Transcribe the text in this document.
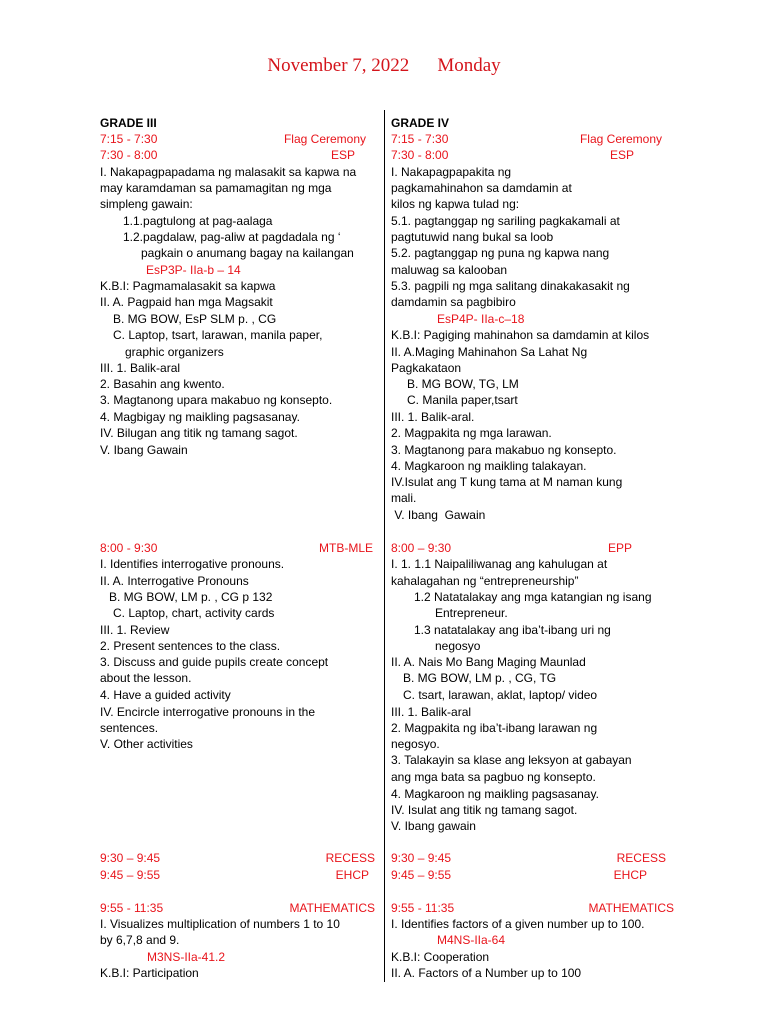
November 7, 2022 Monday
GRADE III
7:15 - 7:30	Flag Ceremony
7:30 - 8:00	ESP
I. Nakapagpapadama ng malasakit sa kapwa na
may karamdaman sa pamamagitan ng mga
simpleng gawain:
1.1.pagtulong at pag-aalaga
1.2.pagdalaw, pag-aliw at pagdadala ng ‘
pagkain o anumang bagay na kailangan
EsP3P- IIa-b – 14
K.B.I: Pagmamalasakit sa kapwa
II. A. Pagpaid han mga Magsakit
B. MG BOW, EsP SLM p. , CG
C. Laptop, tsart, larawan, manila paper,
graphic organizers
III. 1. Balik-aral
2. Basahin ang kwento.
3. Magtanong upara makabuo ng konsepto.
4. Magbigay ng maikling pagsasanay.
IV. Bilugan ang titik ng tamang sagot.
V. Ibang Gawain
8:00 - 9:30	MTB-MLE
I. Identifies interrogative pronouns.
II. A. Interrogative Pronouns
B. MG BOW, LM p. , CG p 132
C. Laptop, chart, activity cards
III. 1. Review
2. Present sentences to the class.
3. Discuss and guide pupils create concept
about the lesson.
4. Have a guided activity
IV. Encircle interrogative pronouns in the
sentences.
V. Other activities
9:30 – 9:45	RECESS
9:45 – 9:55	EHCP
9:55 - 11:35	MATHEMATICS
I. Visualizes multiplication of numbers 1 to 10
by 6,7,8 and 9.
M3NS-IIa-41.2
K.B.I: Participation
GRADE IV
7:15 - 7:30	Flag Ceremony
7:30 - 8:00	ESP
I. Nakapagpapakita ng
pagkamahinahon sa damdamin at
kilos ng kapwa tulad ng:
5.1. pagtanggap ng sariling pagkakamali at
pagtutuwid nang bukal sa loob
5.2. pagtanggap ng puna ng kapwa nang
maluwag sa kalooban
5.3. pagpili ng mga salitang dinakakasakit ng
damdamin sa pagbibiro
EsP4P- IIa-c–18
K.B.I: Pagiging mahinahon sa damdamin at kilos
II. A.Maging Mahinahon Sa Lahat Ng
Pagkakataon
B. MG BOW, TG, LM
C. Manila paper,tsart
III. 1. Balik-aral.
2. Magpakita ng mga larawan.
3. Magtanong para makabuo ng konsepto.
4. Magkaroon ng maikling talakayan.
IV.Isulat ang T kung tama at M naman kung
mali.
V. Ibang  Gawain
8:00 – 9:30	EPP
I. 1. 1.1 Naipaliliwanag ang kahulugan at
kahalagahan ng “entrepreneurship”
1.2 Natatalakay ang mga katangian ng isang
Entrepreneur.
1.3 natatalakay ang iba’t-ibang uri ng
negosyo
II. A. Nais Mo Bang Maging Maunlad
B. MG BOW, LM p. , CG, TG
C. tsart, larawan, aklat, laptop/ video
III. 1. Balik-aral
2. Magpakita ng iba’t-ibang larawan ng
negosyo.
3. Talakayin sa klase ang leksyon at gabayan
ang mga bata sa pagbuo ng konsepto.
4. Magkaroon ng maikling pagsasanay.
IV. Isulat ang titik ng tamang sagot.
V. Ibang gawain
9:30 – 9:45	RECESS
9:45 – 9:55	EHCP
9:55 - 11:35	MATHEMATICS
I. Identifies factors of a given number up to 100.
M4NS-IIa-64
K.B.I: Cooperation
II. A. Factors of a Number up to 100
